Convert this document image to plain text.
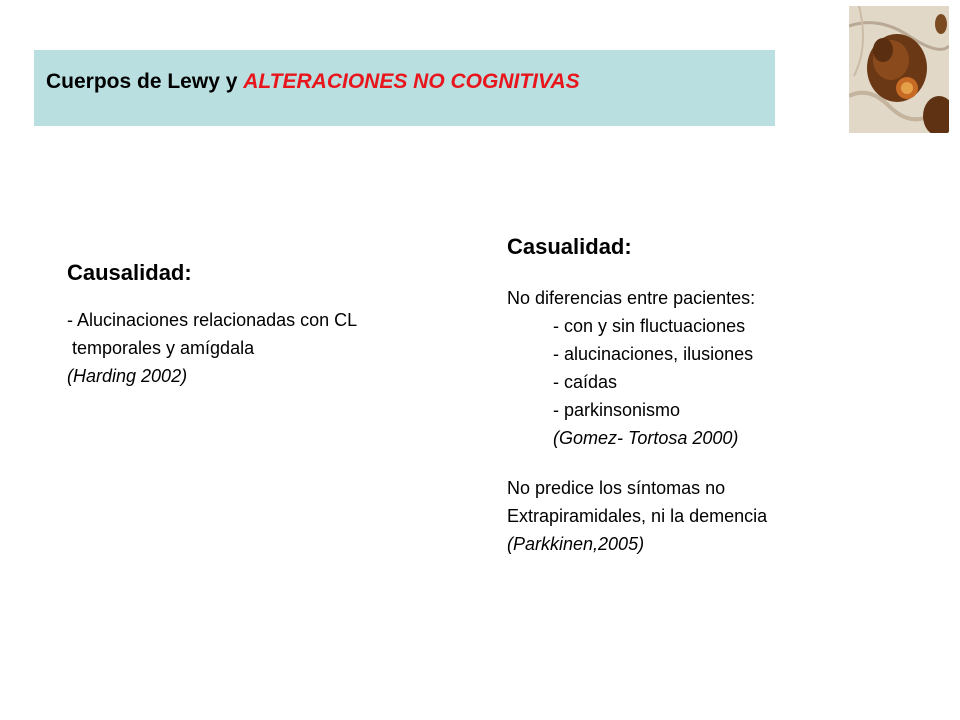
Cuerpos de Lewy y ALTERACIONES NO COGNITIVAS
Causalidad:
- Alucinaciones relacionadas con CL
temporales y amígdala
(Harding 2002)
Casualidad:
No diferencias entre pacientes:
- con y sin fluctuaciones
- alucinaciones, ilusiones
- caídas
- parkinsonismo
(Gomez- Tortosa 2000)
No predice los síntomas no
Extrapiramidales, ni la demencia
(Parkkinen,2005)
